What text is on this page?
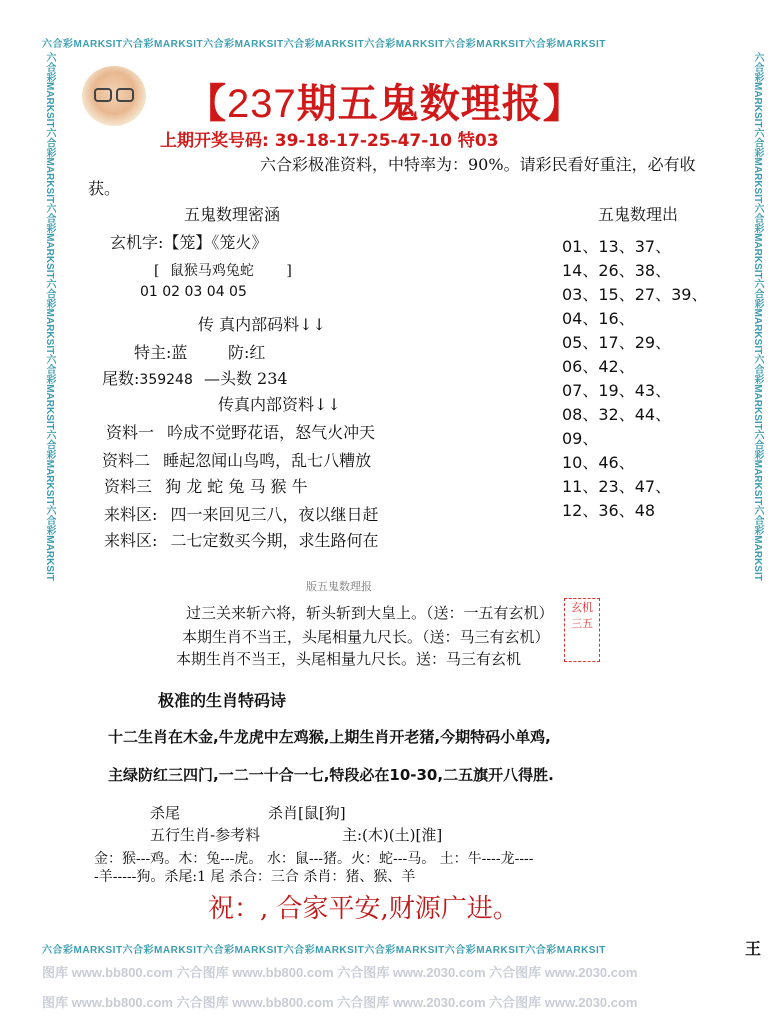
六合彩MARKSIT六合彩MARKSIT六合彩MARKSIT六合彩MARKSIT六合彩MARKSIT六合彩MARKSIT六合彩MARKSIT
六合彩MARKSIT六合彩MARKSIT六合彩MARKSIT六合彩MARKSIT六合彩MARKSIT六合彩MARKSIT六合彩MARKSIT
六合彩MARKSIT六合彩MARKSIT六合彩MARKSIT六合彩MARKSIT六合彩MARKSIT六合彩MARKSIT六合彩MARKSIT	六合彩MARKSIT六合彩MARKSIT六合彩MARKSIT六合彩MARKSIT六合彩MARKSIT六合彩MARKSIT六合彩MARKSIT
图库 www.bb800.com 六合图库 www.bb800.com 六合图库 www.2030.com 六合图库 www.2030.com
图库 www.bb800.com 六合图库 www.bb800.com 六合图库 www.2030.com 六合图库 www.2030.com
【237期五鬼数理报】
上期开奖号码: 39-18-17-25-47-10 特03
六合彩极准资料，中特率为：90%。请彩民看好重注，必有收
获。
五鬼数理密涵
玄机字:【笼】《笼火》
[ 鼠猴马鸡兔蛇 ]
01 02 03 04 05
传 真内部码料↓↓
特主:蓝	防:红
尾数:359248 —头数 234
传真内部资料↓↓
资料一 吟成不觉野花语，怒气火冲天
资料二 睡起忽闻山鸟鸣，乱七八糟放
资料三 狗 龙 蛇 兔 马 猴 牛
来料区: 四一来回见三八，夜以继日赶
来料区: 二七定数买今期，求生路何在
五鬼数理出
01、13、37、
14、26、38、
03、15、27、39、
04、16、
05、17、29、
06、42、
07、19、43、
08、32、44、
09、
10、46、
11、23、47、
12、36、48
版五鬼数理报
过三关来斩六将，斩头斩到大皇上。（送：一五有玄机）
本期生肖不当王，头尾相量九尺长。（送：马三有玄机）
本期生肖不当王，头尾相量九尺长。送：马三有玄机
玄机 三五
极准的生肖特码诗
十二生肖在木金,牛龙虎中左鸡猴,上期生肖开老猪,今期特码小单鸡,
主绿防红三四门,一二一十合一七,特段必在10-30,二五旗开八得胜.
杀尾	杀肖[鼠[狗]
五行生肖-参考料	主:(木)(土)[淮]
金：猴---鸡。木：兔---虎。 水：鼠---猪。火：蛇---马。 土：牛----龙----
-羊-----狗。杀尾:1 尾 杀合：三合 杀肖：猪、猴、羊
祝：, 合家平安,财源广进。
王
